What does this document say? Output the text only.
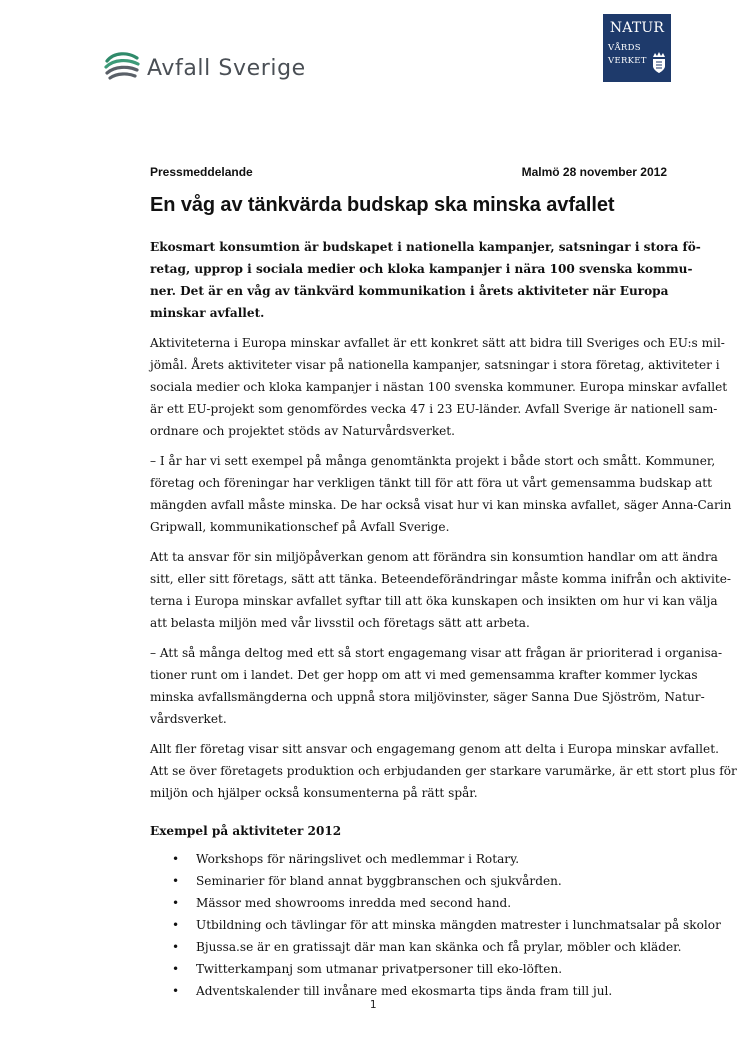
Avfall Sverige
NATUR
VÅRDS
VERKET
Pressmeddelande	Malmö 28 november 2012
En våg av tänkvärda budskap ska minska avfallet

Ekosmart konsumtion är budskapet i nationella kampanjer, satsningar i stora fö-
retag, upprop i sociala medier och kloka kampanjer i nära 100 svenska kommu-
ner. Det är en våg av tänkvärd kommunikation i årets aktiviteter när Europa
minskar avfallet.

Aktiviteterna i Europa minskar avfallet är ett konkret sätt att bidra till Sveriges och EU:s mil-
jömål. Årets aktiviteter visar på nationella kampanjer, satsningar i stora företag, aktiviteter i
sociala medier och kloka kampanjer i nästan 100 svenska kommuner. Europa minskar avfallet
är ett EU-projekt som genomfördes vecka 47 i 23 EU-länder. Avfall Sverige är nationell sam-
ordnare och projektet stöds av Naturvårdsverket.

– I år har vi sett exempel på många genomtänkta projekt i både stort och smått. Kommuner,
företag och föreningar har verkligen tänkt till för att föra ut vårt gemensamma budskap att
mängden avfall måste minska. De har också visat hur vi kan minska avfallet, säger Anna-Carin
Gripwall, kommunikationschef på Avfall Sverige.

Att ta ansvar för sin miljöpåverkan genom att förändra sin konsumtion handlar om att ändra
sitt, eller sitt företags, sätt att tänka. Beteendeförändringar måste komma inifrån och aktivite-
terna i Europa minskar avfallet syftar till att öka kunskapen och insikten om hur vi kan välja
att belasta miljön med vår livsstil och företags sätt att arbeta.

– Att så många deltog med ett så stort engagemang visar att frågan är prioriterad i organisa-
tioner runt om i landet. Det ger hopp om att vi med gemensamma krafter kommer lyckas
minska avfallsmängderna och uppnå stora miljövinster, säger Sanna Due Sjöström, Natur-
vårdsverket.

Allt fler företag visar sitt ansvar och engagemang genom att delta i Europa minskar avfallet.
Att se över företagets produktion och erbjudanden ger starkare varumärke, är ett stort plus för
miljön och hjälper också konsumenterna på rätt spår.

Exempel på aktiviteter 2012
• Workshops för näringslivet och medlemmar i Rotary.
• Seminarier för bland annat byggbranschen och sjukvården.
• Mässor med showrooms inredda med second hand.
• Utbildning och tävlingar för att minska mängden matrester i lunchmatsalar på skolor
• Bjussa.se är en gratissajt där man kan skänka och få prylar, möbler och kläder.
• Twitterkampanj som utmanar privatpersoner till eko-löften.
• Adventskalender till invånare med ekosmarta tips ända fram till jul.
1
